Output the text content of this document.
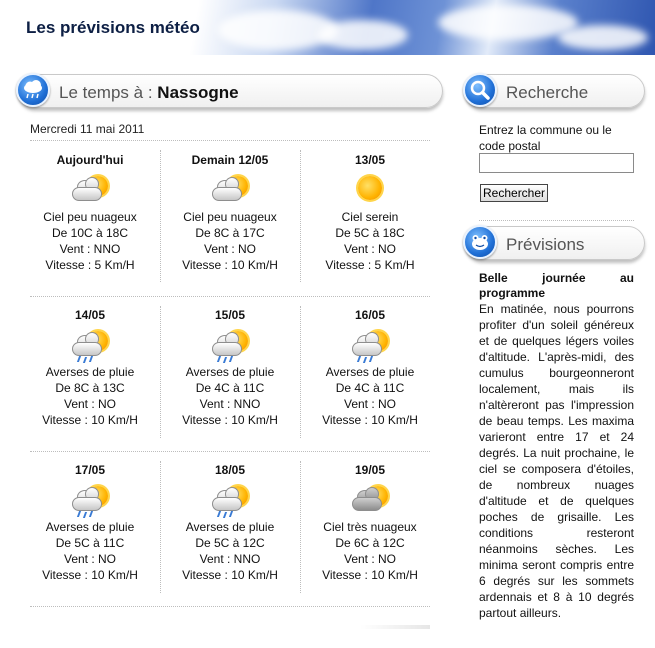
Les prévisions météo
Le temps à : Nassogne
Mercredi 11 mai 2011
Aujourd'hui
Ciel peu nuageux
De 10C à 18C
Vent : NNO
Vitesse : 5 Km/H
Demain 12/05
Ciel peu nuageux
De 8C à 17C
Vent : NO
Vitesse : 10 Km/H
13/05
Ciel serein
De 5C à 18C
Vent : NO
Vitesse : 5 Km/H
14/05
Averses de pluie
De 8C à 13C
Vent : NO
Vitesse : 10 Km/H
15/05
Averses de pluie
De 4C à 11C
Vent : NNO
Vitesse : 10 Km/H
16/05
Averses de pluie
De 4C à 11C
Vent : NO
Vitesse : 10 Km/H
17/05
Averses de pluie
De 5C à 11C
Vent : NO
Vitesse : 10 Km/H
18/05
Averses de pluie
De 5C à 12C
Vent : NNO
Vitesse : 10 Km/H
19/05
Ciel très nuageux
De 6C à 12C
Vent : NO
Vitesse : 10 Km/H
Recherche
Entrez la commune ou le code postal
Rechercher
Prévisions
Belle journée au programme
En matinée, nous pourrons profiter d'un soleil généreux et de quelques légers voiles d'altitude. L'après-midi, des cumulus bourgeonneront localement, mais ils n'altèreront pas l'impression de beau temps. Les maxima varieront entre 17 et 24 degrés. La nuit prochaine, le ciel se composera d'étoiles, de nombreux nuages d'altitude et de quelques poches de grisaille. Les conditions resteront néanmoins sèches. Les minima seront compris entre 6 degrés sur les sommets ardennais et 8 à 10 degrés partout ailleurs.
